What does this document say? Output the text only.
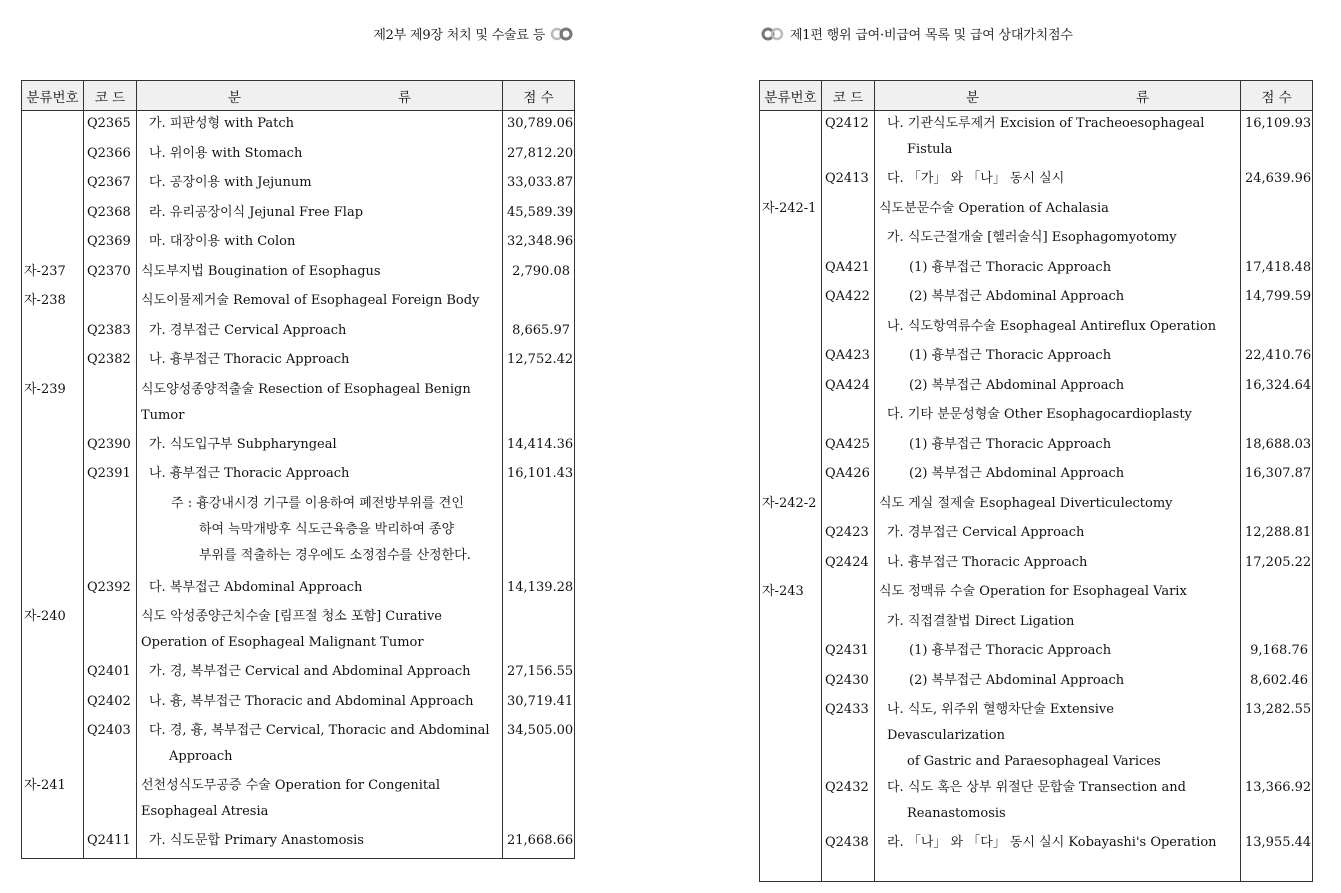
제2부 제9장 처치 및 수술료 등	제1편 행위 급여·비급여 목록 및 급여 상대가치점수
분류번호	코 드	분 류	점 수
	Q2365	가. 피판성형 with Patch	30,789.06
	Q2366	나. 위이용 with Stomach	27,812.20
	Q2367	다. 공장이용 with Jejunum	33,033.87
	Q2368	라. 유리공장이식 Jejunal Free Flap	45,589.39
	Q2369	마. 대장이용 with Colon	32,348.96
자-237	Q2370	식도부지법 Bougination of Esophagus	2,790.08
자-238		식도이물제거술 Removal of Esophageal Foreign Body	

	Q2383	가. 경부접근 Cervical Approach	8,665.97
	Q2382	나. 흉부접근 Thoracic Approach	12,752.42
자-239		식도양성종양적출술 Resection of Esophageal Benign
Tumor	

	Q2390	가. 식도입구부 Subpharyngeal	14,414.36
	Q2391	나. 흉부접근 Thoracic Approach	16,101.43

		주 : 흉강내시경 기구를 이용하여 폐전방부위를 견인
하여 늑막개방후 식도근육층을 박리하여 종양
부위를 적출하는 경우에도 소정점수를 산정한다.	

	Q2392	다. 복부접근 Abdominal Approach	14,139.28
자-240		식도 악성종양근치수술 [림프절 청소 포함] Curative
Operation of Esophageal Malignant Tumor	

	Q2401	가. 경, 복부접근 Cervical and Abdominal Approach	27,156.55
	Q2402	나. 흉, 복부접근 Thoracic and Abdominal Approach	30,719.41
	Q2403	다. 경, 흉, 복부접근 Cervical, Thoracic and Abdominal
Approach	34,505.00
자-241		선천성식도무공증 수술 Operation for Congenital
Esophageal Atresia	

	Q2411	가. 식도문합 Primary Anastomosis	21,668.66
분류번호	코 드	분 류	점 수
	Q2412	나. 기관식도루제거 Excision of Tracheoesophageal
Fistula	16,109.93
	Q2413	다. 「가」 와 「나」 동시 실시	24,639.96
자-242-1		식도분문수술 Operation of Achalasia	

		가. 식도근절개술 [헬러술식] Esophagomyotomy	

	QA421	(1) 흉부접근 Thoracic Approach	17,418.48
	QA422	(2) 복부접근 Abdominal Approach	14,799.59

		나. 식도항역류수술 Esophageal Antireflux Operation	

	QA423	(1) 흉부접근 Thoracic Approach	22,410.76
	QA424	(2) 복부접근 Abdominal Approach	16,324.64

		다. 기타 분문성형술 Other Esophagocardioplasty	

	QA425	(1) 흉부접근 Thoracic Approach	18,688.03
	QA426	(2) 복부접근 Abdominal Approach	16,307.87
자-242-2		식도 게실 절제술 Esophageal Diverticulectomy	

	Q2423	가. 경부접근 Cervical Approach	12,288.81
	Q2424	나. 흉부접근 Thoracic Approach	17,205.22
자-243		식도 정맥류 수술 Operation for Esophageal Varix	

		가. 직접결찰법 Direct Ligation	

	Q2431	(1) 흉부접근 Thoracic Approach	9,168.76
	Q2430	(2) 복부접근 Abdominal Approach	8,602.46
	Q2433	나. 식도, 위주위 혈행차단술 Extensive Devascularization
of Gastric and Paraesophageal Varices	13,282.55
	Q2432	다. 식도 혹은 상부 위절단 문합술 Transection and
Reanastomosis	13,366.92
	Q2438	라. 「나」 와 「다」 동시 실시 Kobayashi's Operation	13,955.44
